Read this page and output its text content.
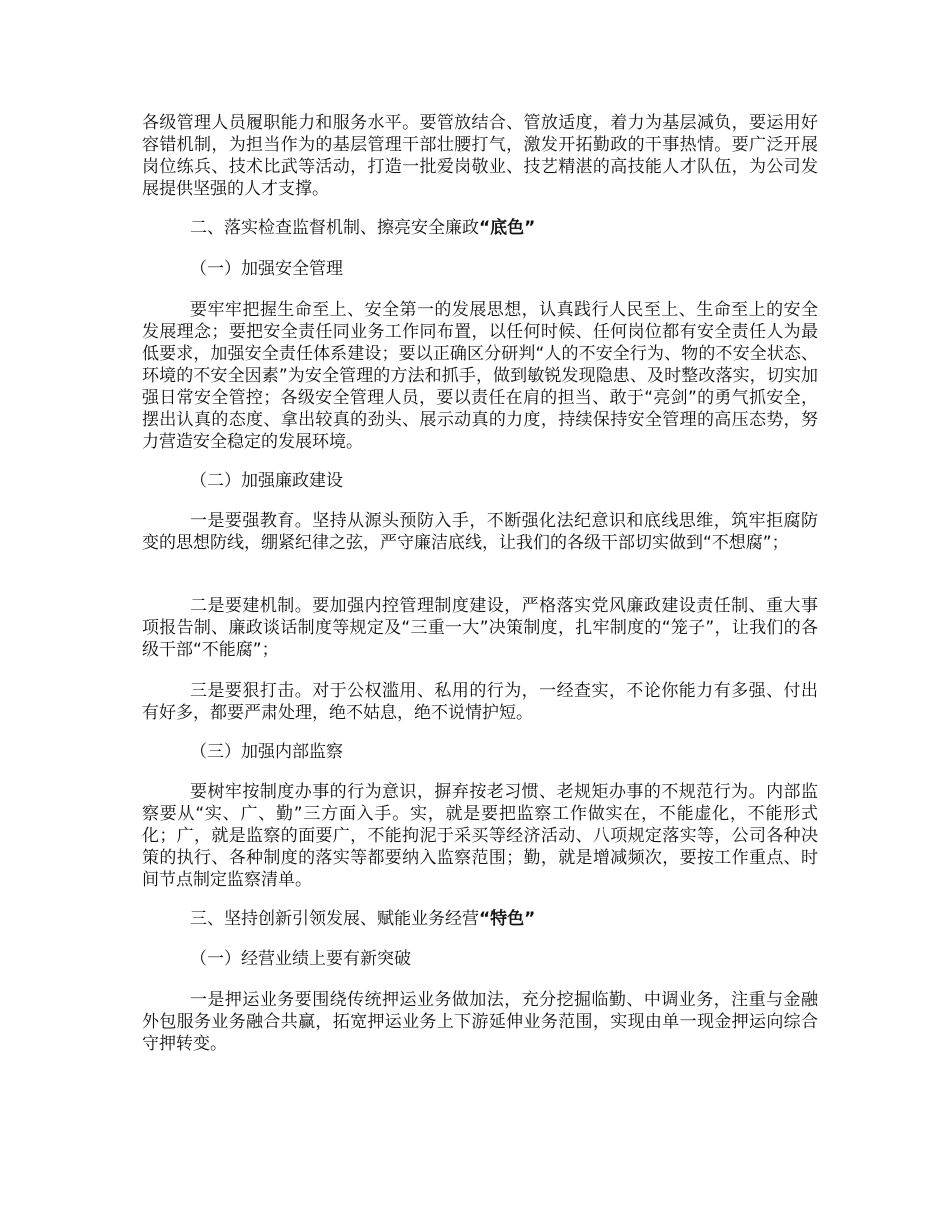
各级管理人员履职能力和服务水平。要管放结合、管放适度，着力为基层减负，要运用好容错机制，为担当作为的基层管理干部壮腰打气，激发开拓勤政的干事热情。要广泛开展岗位练兵、技术比武等活动，打造一批爱岗敬业、技艺精湛的高技能人才队伍，为公司发展提供坚强的人才支撑。

二、落实检查监督机制、擦亮安全廉政“底色”

（一）加强安全管理

要牢牢把握生命至上、安全第一的发展思想，认真践行人民至上、生命至上的安全发展理念；要把安全责任同业务工作同布置，以任何时候、任何岗位都有安全责任人为最低要求，加强安全责任体系建设；要以正确区分研判“人的不安全行为、物的不安全状态、环境的不安全因素”为安全管理的方法和抓手，做到敏锐发现隐患、及时整改落实，切实加强日常安全管控；各级安全管理人员，要以责任在肩的担当、敢于“亮剑”的勇气抓安全，摆出认真的态度、拿出较真的劲头、展示动真的力度，持续保持安全管理的高压态势，努力营造安全稳定的发展环境。

（二）加强廉政建设

一是要强教育。坚持从源头预防入手，不断强化法纪意识和底线思维，筑牢拒腐防变的思想防线，绷紧纪律之弦，严守廉洁底线，让我们的各级干部切实做到“不想腐”；

二是要建机制。要加强内控管理制度建设，严格落实党风廉政建设责任制、重大事项报告制、廉政谈话制度等规定及“三重一大”决策制度，扎牢制度的“笼子”，让我们的各级干部“不能腐”；

三是要狠打击。对于公权滥用、私用的行为，一经查实，不论你能力有多强、付出有好多，都要严肃处理，绝不姑息，绝不说情护短。

（三）加强内部监察

要树牢按制度办事的行为意识，摒弃按老习惯、老规矩办事的不规范行为。内部监察要从“实、广、勤”三方面入手。实，就是要把监察工作做实在，不能虚化，不能形式化；广，就是监察的面要广，不能拘泥于采买等经济活动、八项规定落实等，公司各种决策的执行、各种制度的落实等都要纳入监察范围；勤，就是增减频次，要按工作重点、时间节点制定监察清单。

三、坚持创新引领发展、赋能业务经营“特色”

（一）经营业绩上要有新突破

一是押运业务要围绕传统押运业务做加法，充分挖掘临勤、中调业务，注重与金融外包服务业务融合共赢，拓宽押运业务上下游延伸业务范围，实现由单一现金押运向综合守押转变。
